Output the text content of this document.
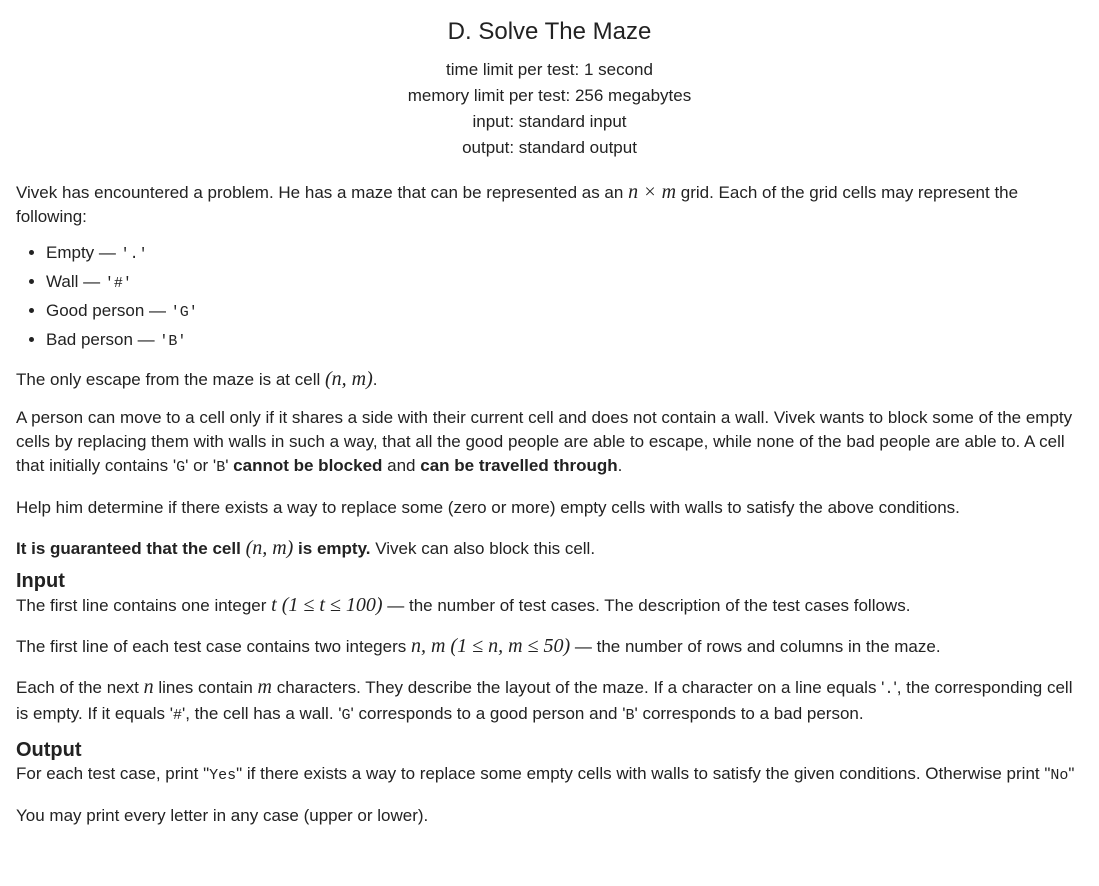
D. Solve The Maze
time limit per test: 1 second
memory limit per test: 256 megabytes
input: standard input
output: standard output

Vivek has encountered a problem. He has a maze that can be represented as an n × m grid. Each of the grid cells may represent the following:

• Empty — '.'
• Wall — '#'
• Good person — 'G'
• Bad person — 'B'

The only escape from the maze is at cell (n, m).

A person can move to a cell only if it shares a side with their current cell and does not contain a wall. Vivek wants to block some of the empty cells by replacing them with walls in such a way, that all the good people are able to escape, while none of the bad people are able to. A cell that initially contains 'G' or 'B' cannot be blocked and can be travelled through.

Help him determine if there exists a way to replace some (zero or more) empty cells with walls to satisfy the above conditions.

It is guaranteed that the cell (n, m) is empty. Vivek can also block this cell.

Input

The first line contains one integer t (1 ≤ t ≤ 100) — the number of test cases. The description of the test cases follows.

The first line of each test case contains two integers n, m (1 ≤ n, m ≤ 50) — the number of rows and columns in the maze.

Each of the next n lines contain m characters. They describe the layout of the maze. If a character on a line equals '.', the corresponding cell is empty. If it equals '#', the cell has a wall. 'G' corresponds to a good person and 'B' corresponds to a bad person.

Output

For each test case, print "Yes" if there exists a way to replace some empty cells with walls to satisfy the given conditions. Otherwise print "No"

You may print every letter in any case (upper or lower).
